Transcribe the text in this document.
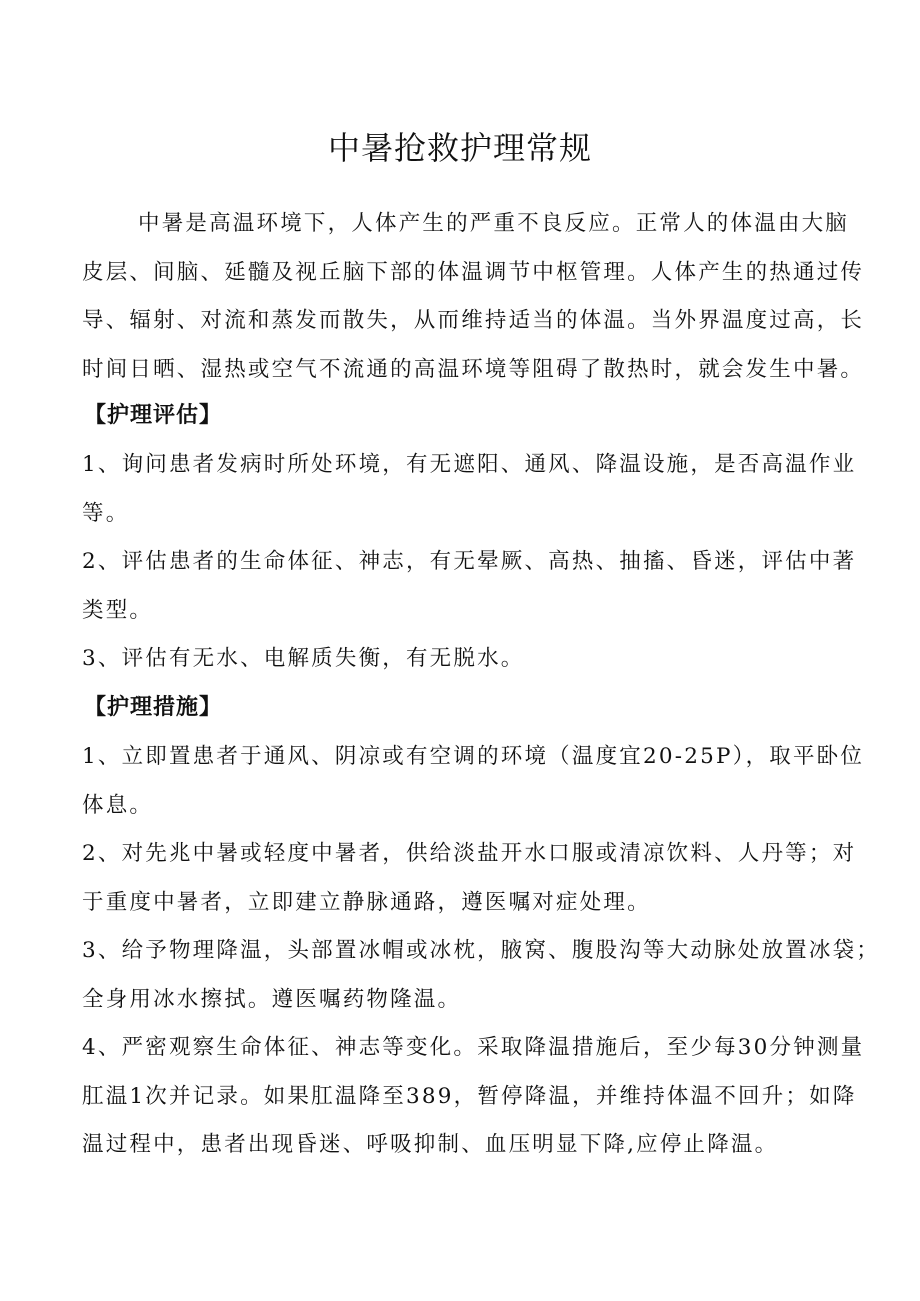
中暑抢救护理常规
中暑是高温环境下，人体产生的严重不良反应。正常人的体温由大脑
皮层、间脑、延髓及视丘脑下部的体温调节中枢管理。人体产生的热通过传
导、辐射、对流和蒸发而散失，从而维持适当的体温。当外界温度过高，长
时间日晒、湿热或空气不流通的高温环境等阻碍了散热时，就会发生中暑。
【护理评估】
1、询问患者发病时所处环境，有无遮阳、通风、降温设施，是否高温作业
等。
2、评估患者的生命体征、神志，有无晕厥、高热、抽搐、昏迷，评估中著
类型。
3、评估有无水、电解质失衡，有无脱水。
【护理措施】
1、立即置患者于通风、阴凉或有空调的环境（温度宜20-25P），取平卧位
体息。
2、对先兆中暑或轻度中暑者，供给淡盐开水口服或清凉饮料、人丹等；对
于重度中暑者，立即建立静脉通路，遵医嘱对症处理。
3、给予物理降温，头部置冰帽或冰枕，腋窝、腹股沟等大动脉处放置冰袋；
全身用冰水擦拭。遵医嘱药物隆温。
4、严密观察生命体征、神志等变化。采取降温措施后，至少每30分钟测量
肛温1次并记录。如果肛温降至389，暂停降温，并维持体温不回升；如降
温过程中，患者出现昏迷、呼吸抑制、血压明显下降,应停止降温。
